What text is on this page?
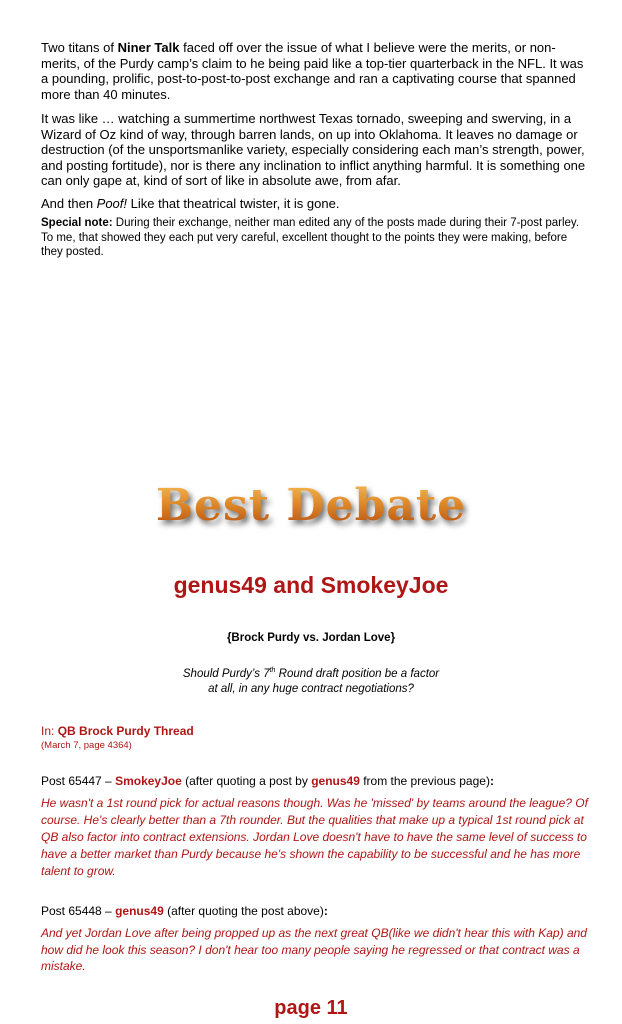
Two titans of Niner Talk faced off over the issue of what I believe were the merits, or non-merits, of the Purdy camp’s claim to he being paid like a top-tier quarterback in the NFL. It was a pounding, prolific, post-to-post-to-post exchange and ran a captivating course that spanned more than 40 minutes.

It was like … watching a summertime northwest Texas tornado, sweeping and swerving, in a Wizard of Oz kind of way, through barren lands, on up into Oklahoma. It leaves no damage or destruction (of the unsportsmanlike variety, especially considering each man’s strength, power, and posting fortitude), nor is there any inclination to inflict anything harmful. It is something one can only gape at, kind of sort of like in absolute awe, from afar.

And then Poof! Like that theatrical twister, it is gone.

Special note: During their exchange, neither man edited any of the posts made during their 7-post parley. To me, that showed they each put very careful, excellent thought to the points they were making, before they posted.

Best Debate

genus49 and SmokeyJoe

{Brock Purdy vs. Jordan Love}

Should Purdy’s 7th Round draft position be a factor
at all, in any huge contract negotiations?

In: QB Brock Purdy Thread

(March 7, page 4364)

Post 65447 – SmokeyJoe (after quoting a post by genus49 from the previous page):

He wasn't a 1st round pick for actual reasons though. Was he 'missed' by teams around the league? Of course. He's clearly better than a 7th rounder. But the qualities that make up a typical 1st round pick at QB also factor into contract extensions. Jordan Love doesn't have to have the same level of success to have a better market than Purdy because he's shown the capability to be successful and he has more talent to grow.

Post 65448 – genus49 (after quoting the post above):

And yet Jordan Love after being propped up as the next great QB(like we didn't hear this with Kap) and how did he look this season? I don't hear too many people saying he regressed or that contract was a mistake.

page 11
